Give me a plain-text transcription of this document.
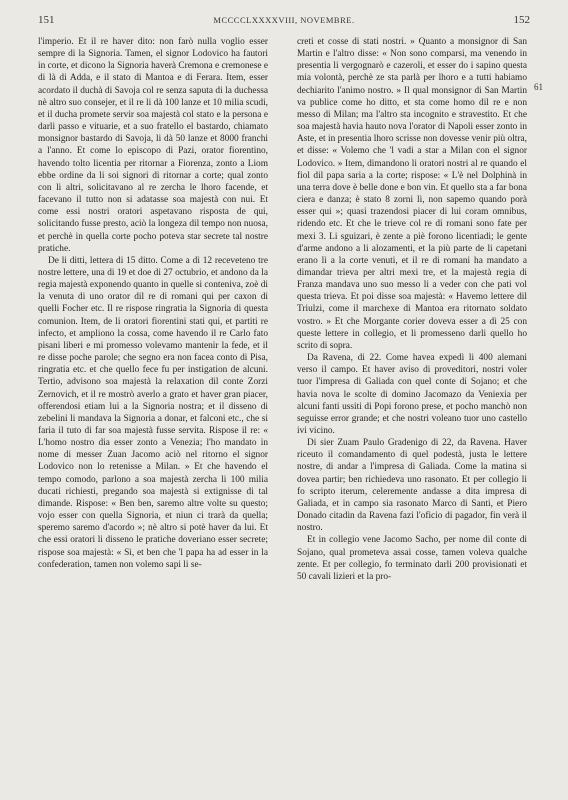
151	MCCCCLXXXXVIII, NOVEMBRE.	152

l'imperio. Et il re haver dito: non farò nulla voglio esser sempre di la Signoria. Tamen, el signor Lodovico ha fautori in corte, et dicono la Signoria haverà Cremona e cremonese e di là di Adda, e il stato di Mantoa e di Ferara. Item, esser acordato il duchà di Savoja col re senza saputa di la duchessa nè altro suo consejer, et il re li dà 100 lanze et 10 milia scudi, et il ducha promete servir soa majestà col stato e la persona e darli passo e vituarie, et a suo fratello el bastardo, chiamato monsignor bastardo di Savoja, li dà 50 lanze et 8000 franchi a l'anno. Et come lo episcopo di Pazi, orator fiorentino, havendo tolto licentia per ritornar a Fiorenza, zonto a Liom ebbe ordine da li soi signori di ritornar a corte; qual zonto con li altri, solicitavano al re zercha le lhoro facende, et facevano il tutto non si adatasse soa majestà con nui. Et come essi nostri oratori aspetavano risposta de qui, solicitando fusse presto, aciò la longeza dil tempo non nuosa, et perchè in quella corte pocho poteva star secrete tal nostre pratiche.

De li ditti, lettera di 15 ditto. Come a dì 12 receveteno tre nostre lettere, una di 19 et doe di 27 octubrio, et andono da la regia majestà exponendo quanto in quelle si conteniva, zoè di la venuta di uno orator dil re di romani qui per caxon di quelli Focher etc. Il re rispose ringratia la Signoria di questa comunion. Item, de li oratori fiorentini stati qui, et partiti re infecto, et ampliono la cossa, come havendo il re Carlo fato pisani liberi e mi promesso volevamo mantenir la fede, et il re disse poche parole; che segno era non facea conto di Pisa, ringratia etc. et che quello fece fu per instigation de alcuni. Tertio, advisono soa majestà la relaxation dil conte Zorzi Zernovich, et il re mostrò averlo a grato et haver gran piacer, offerendosi etiam lui a la Signoria nostra; et il disseno di zebelini li mandava la Signoria a donar, et falconi etc., che si faria il tuto di far soa majestà fusse servita. Rispose il re: « L'homo nostro dia esser zonto a Venezia; l'ho mandato in nome di messer Zuan Jacomo aciò nel ritorno el signor Lodovico non lo retenisse a Milan. » Et che havendo el tempo comodo, parlono a soa majestà zercha li 100 milia ducati richiesti, pregando soa majestà si extignisse di tal dimande. Rispose: « Ben ben, saremo altre volte su questo; vojo esser con quella Signoria, et niun ci trarà da quella; speremo saremo d'acordo »; nè altro si potè haver da lui. Et che essi oratori li disseno le pratiche doveriano esser secrete; rispose soa majestà: « Sì, et ben che 'l papa ha ad esser in la confederation, tamen non volemo sapi li se-

creti et cosse di stati nostri. » Quanto a monsignor di San Martin e l'altro disse: « Non sono comparsi, ma venendo in presentia li vergognarò e cazeroli, et esser do i sapino questa mia volontà, perchè ze sta parlà per lhoro e a tutti habiamo dechiarito l'animo nostro. » Il qual monsignor di San Martin va publice come ho ditto, et sta come homo dil re e non messo di Milan; ma l'altro sta incognito e stravestito. Et che soa majestà havia hauto nova l'orator di Napoli esser zonto in Aste, et in presentia lhoro scrisse non dovesse venir più oltra, et disse: « Volemo che 'l vadi a star a Milan con el signor Lodovico. » Item, dimandono li oratori nostri al re quando el fiol dil papa saria a la corte; rispose: « L'è nel Dolphinà in una terra dove è belle done e bon vin. Et quello sta a far bona ciera e danza; è stato 8 zorni lì, non sapemo quando porà esser qui »; quasi trazendosi piacer di lui coram omnibus, ridendo etc. Et che le trieve col re di romani sono fate per mexi 3. Li sguizari, è zente a piè forono licentiadi; le gente d'arme andono a li alozamenti, et la più parte de li capetani erano lì a la corte venuti, et il re di romani ha mandato a dimandar trieva per altri mexi tre, et la majestà regia di Franza mandava uno suo messo li a veder con che pati vol questa trieva. Et poi disse soa majestà: « Havemo lettere dil Triulzi, come il marchexe di Mantoa era ritornato soldato vostro. » Et che Morgante corier doveva esser a dì 25 con queste lettere in collegio, et li promesseno darli quello ho scrito di sopra.

Da Ravena, di 22. Come havea expedì li 400 alemani verso il campo. Et haver aviso di proveditori, nostri voler tuor l'impresa di Galiada con quel conte di Sojano; et che havia nova le scolte di domino Jacomazo da Veniexia per alcuni fanti ussiti di Popi forono prese, et pocho manchò non seguisse error grande; et che nostri voleano tuor uno castello ivi vicino.

Di sier Zuam Paulo Gradenigo di 22, da Ravena. Haver riceuto il comandamento di quel podestà, justa le lettere nostre, di andar a l'impresa di Galiada. Come la matina si dovea partir; ben richiedeva uno rasonato. Et per collegio li fo scripto iterum, celeremente andasse a dita impresa di Galiada, et in campo sia rasonato Marco di Santi, et Piero Donado citadin da Ravena fazi l'oficio di pagador, fin verà il nostro.

Et in collegio vene Jacomo Sacho, per nome dil conte di Sojano, qual prometeva assai cosse, tamen voleva qualche zente. Et per collegio, fo terminato darli 200 provisionati et 50 cavali lizieri et la pro-

61
